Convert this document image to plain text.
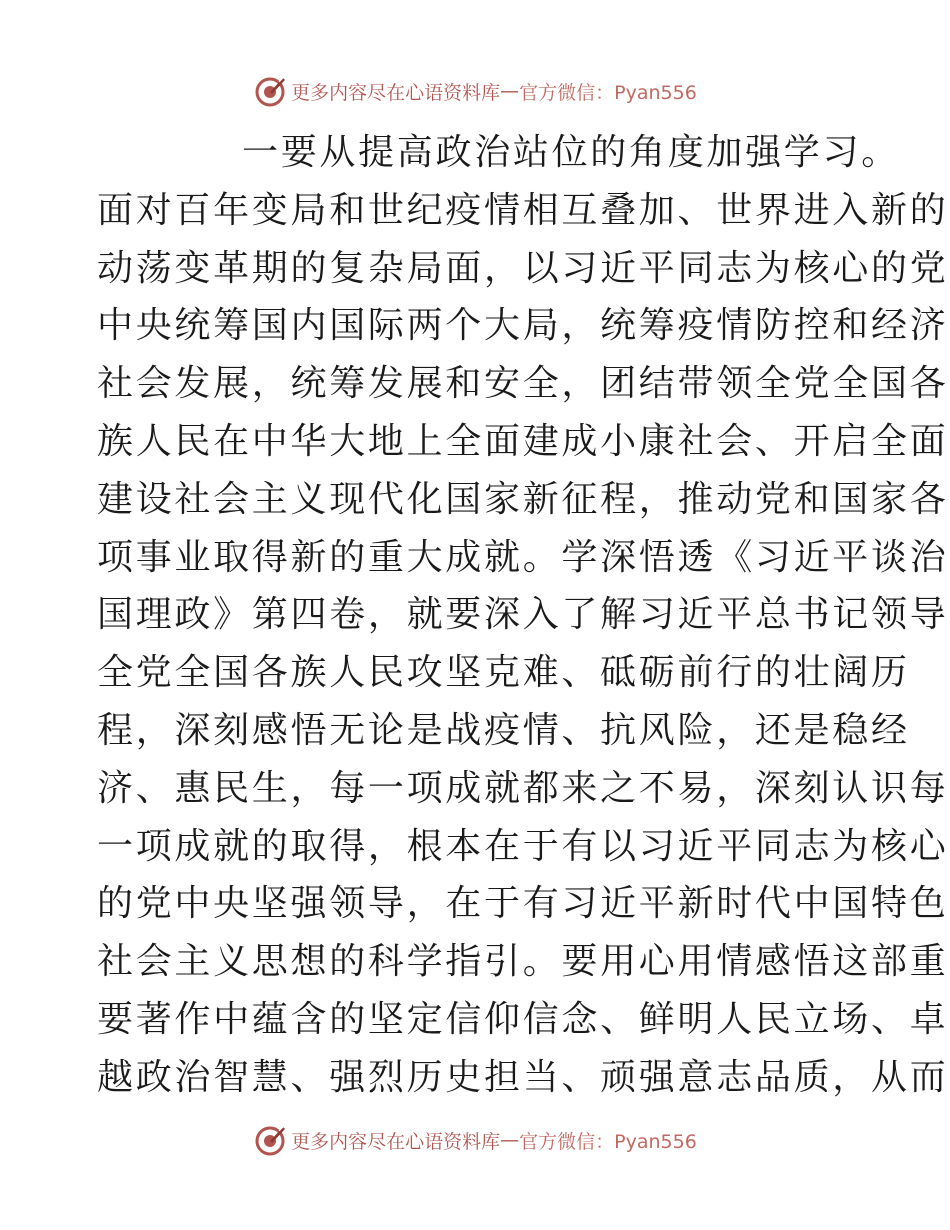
更多内容尽在心语资料库 — 官方微信：Pyan556
一要从提高政治站位的角度加强学习。
面对百年变局和世纪疫情相互叠加、世界进入新的
动荡变革期的复杂局面，以习近平同志为核心的党
中央统筹国内国际两个大局，统筹疫情防控和经济
社会发展，统筹发展和安全，团结带领全党全国各
族人民在中华大地上全面建成小康社会、开启全面
建设社会主义现代化国家新征程，推动党和国家各
项事业取得新的重大成就。学深悟透《习近平谈治
国理政》第四卷，就要深入了解习近平总书记领导
全党全国各族人民攻坚克难、砥砺前行的壮阔历
程，深刻感悟无论是战疫情、抗风险，还是稳经
济、惠民生，每一项成就都来之不易，深刻认识每
一项成就的取得，根本在于有以习近平同志为核心
的党中央坚强领导，在于有习近平新时代中国特色
社会主义思想的科学指引。要用心用情感悟这部重
要著作中蕴含的坚定信仰信念、鲜明人民立场、卓
越政治智慧、强烈历史担当、顽强意志品质，从而
更多内容尽在心语资料库 — 官方微信：Pyan556
